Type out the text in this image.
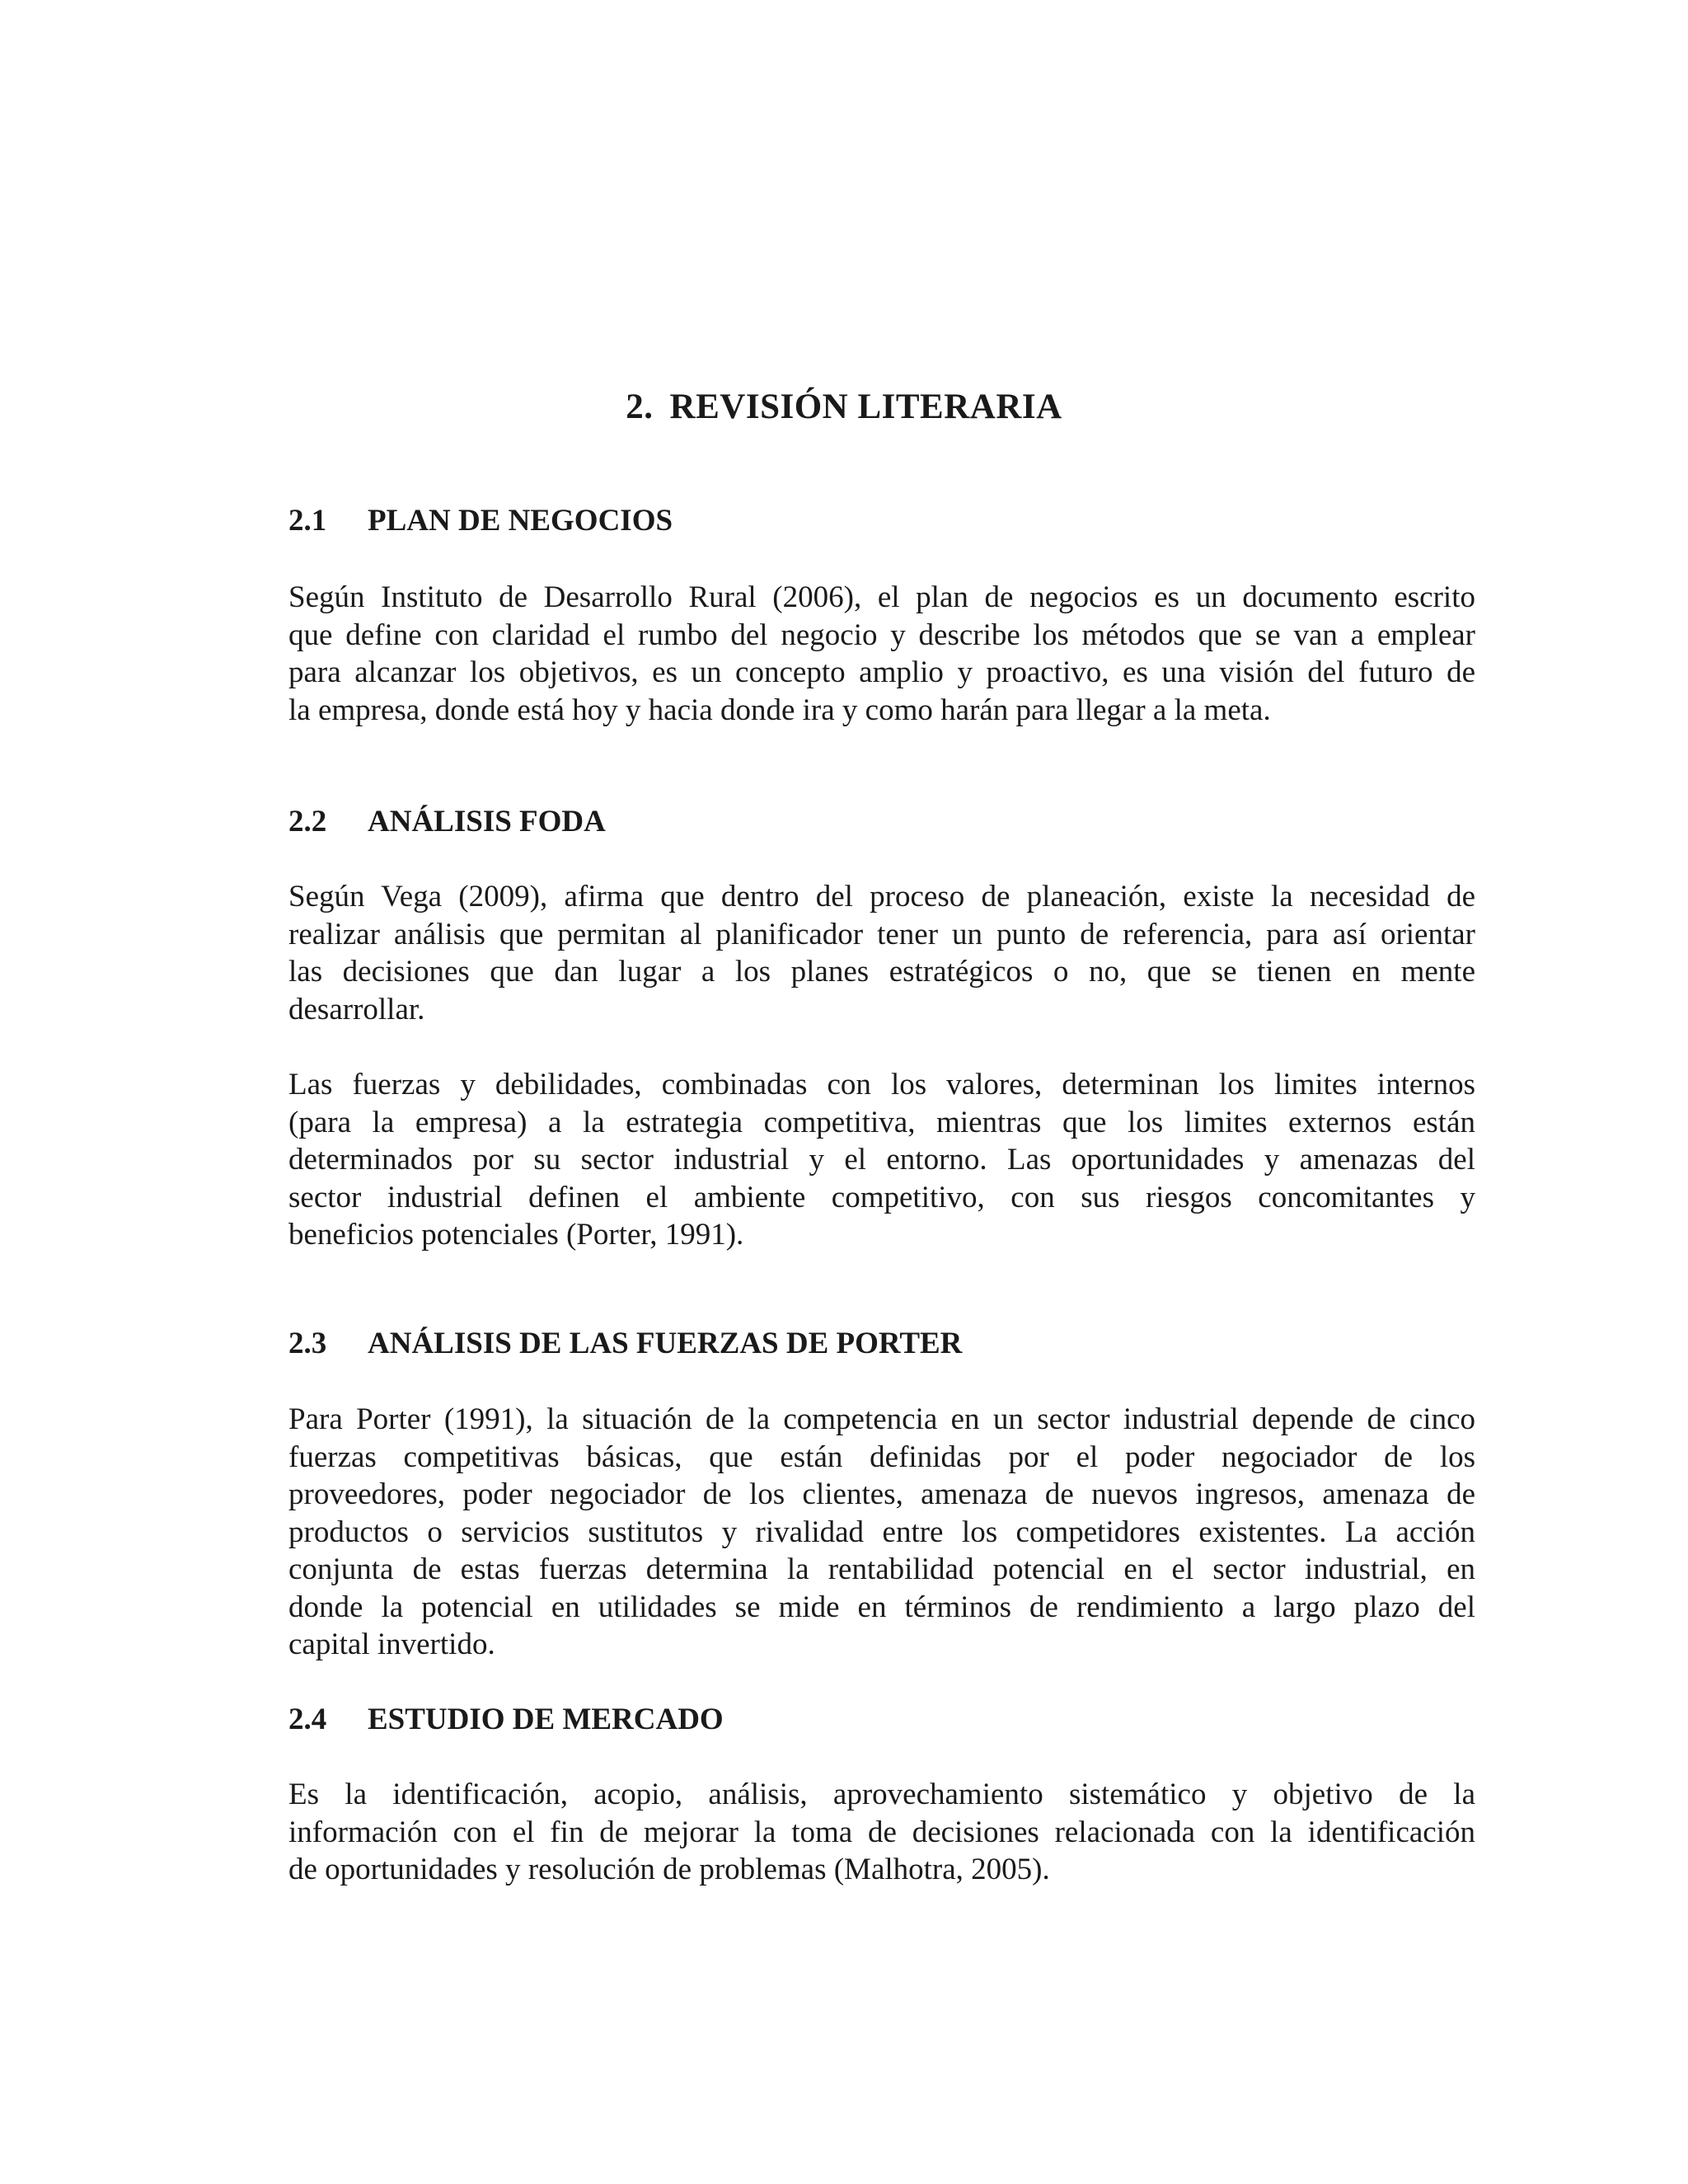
2. REVISIÓN LITERARIA
2.1 PLAN DE NEGOCIOS

Según Instituto de Desarrollo Rural (2006), el plan de negocios es un documento escrito
que define con claridad el rumbo del negocio y describe los métodos que se van a emplear
para alcanzar los objetivos, es un concepto amplio y proactivo, es una visión del futuro de
la empresa, donde está hoy y hacia donde ira y como harán para llegar a la meta.

2.2 ANÁLISIS FODA

Según Vega (2009), afirma que dentro del proceso de planeación, existe la necesidad de
realizar análisis que permitan al planificador tener un punto de referencia, para así orientar
las decisiones que dan lugar a los planes estratégicos o no, que se tienen en mente
desarrollar.

Las fuerzas y debilidades, combinadas con los valores, determinan los limites internos
(para la empresa) a la estrategia competitiva, mientras que los limites externos están
determinados por su sector industrial y el entorno. Las oportunidades y amenazas del
sector industrial definen el ambiente competitivo, con sus riesgos concomitantes y
beneficios potenciales (Porter, 1991).

2.3 ANÁLISIS DE LAS FUERZAS DE PORTER

Para Porter (1991), la situación de la competencia en un sector industrial depende de cinco
fuerzas competitivas básicas, que están definidas por el poder negociador de los
proveedores, poder negociador de los clientes, amenaza de nuevos ingresos, amenaza de
productos o servicios sustitutos y rivalidad entre los competidores existentes. La acción
conjunta de estas fuerzas determina la rentabilidad potencial en el sector industrial, en
donde la potencial en utilidades se mide en términos de rendimiento a largo plazo del
capital invertido.

2.4 ESTUDIO DE MERCADO

Es la identificación, acopio, análisis, aprovechamiento sistemático y objetivo de la
información con el fin de mejorar la toma de decisiones relacionada con la identificación
de oportunidades y resolución de problemas (Malhotra, 2005).
